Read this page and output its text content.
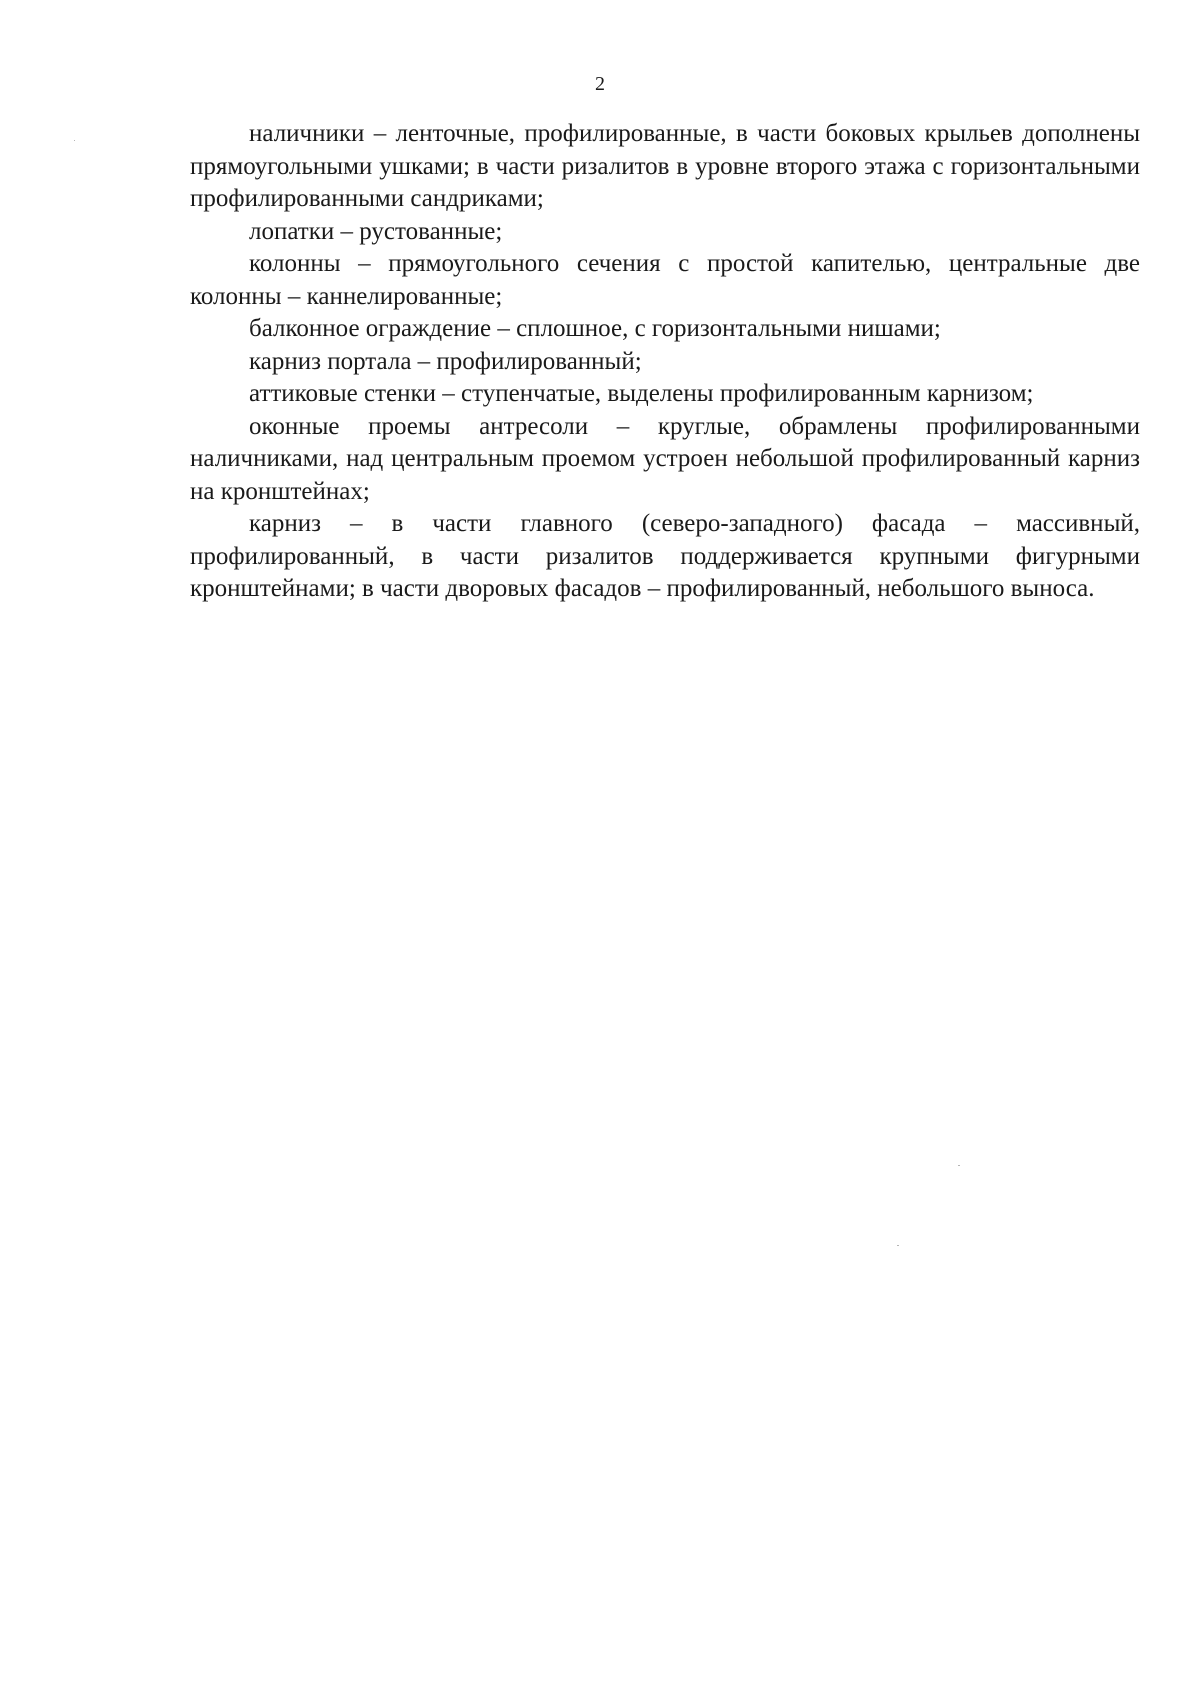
2

наличники – ленточные, профилированные, в части боковых крыльев дополнены прямоугольными ушками; в части ризалитов в уровне второго этажа с горизонтальными профилированными сандриками;

лопатки – рустованные;

колонны – прямоугольного сечения с простой капителью, центральные две колонны – каннелированные;

балконное ограждение – сплошное, с горизонтальными нишами;

карниз портала – профилированный;

аттиковые стенки – ступенчатые, выделены профилированным карнизом;

оконные проемы антресоли – круглые, обрамлены профилированными наличниками, над центральным проемом устроен небольшой профилированный карниз на кронштейнах;

карниз – в части главного (северо-западного) фасада – массивный, профилированный, в части ризалитов поддерживается крупными фигурными кронштейнами; в части дворовых фасадов – профилированный, небольшого выноса.
